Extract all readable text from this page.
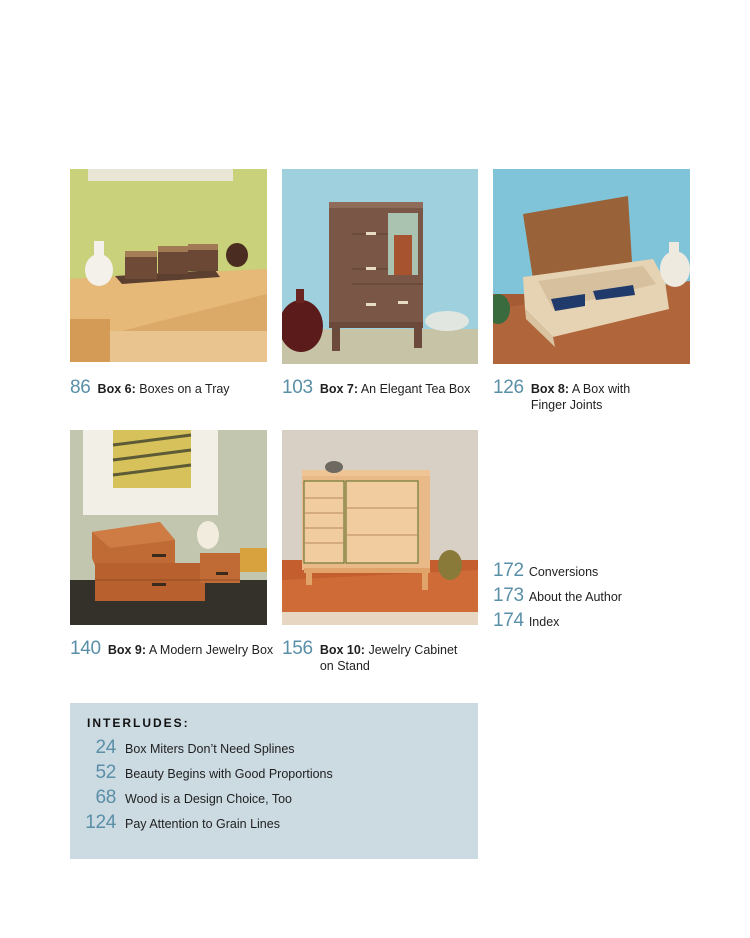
86 Box 6: Boxes on a Tray	103 Box 7: An Elegant Tea Box 126 Box 8: A Box with
Finger Joints
140 Box 9: A Modern Jewelry Box 156 Box 10: Jewelry Cabinet
on Stand
172 Conversions
173 About the Author
174 Index
INTERLUDES:
24 Box Miters Don’t Need Splines
52 Beauty Begins with Good Proportions
68 Wood is a Design Choice, Too
124 Pay Attention to Grain Lines
